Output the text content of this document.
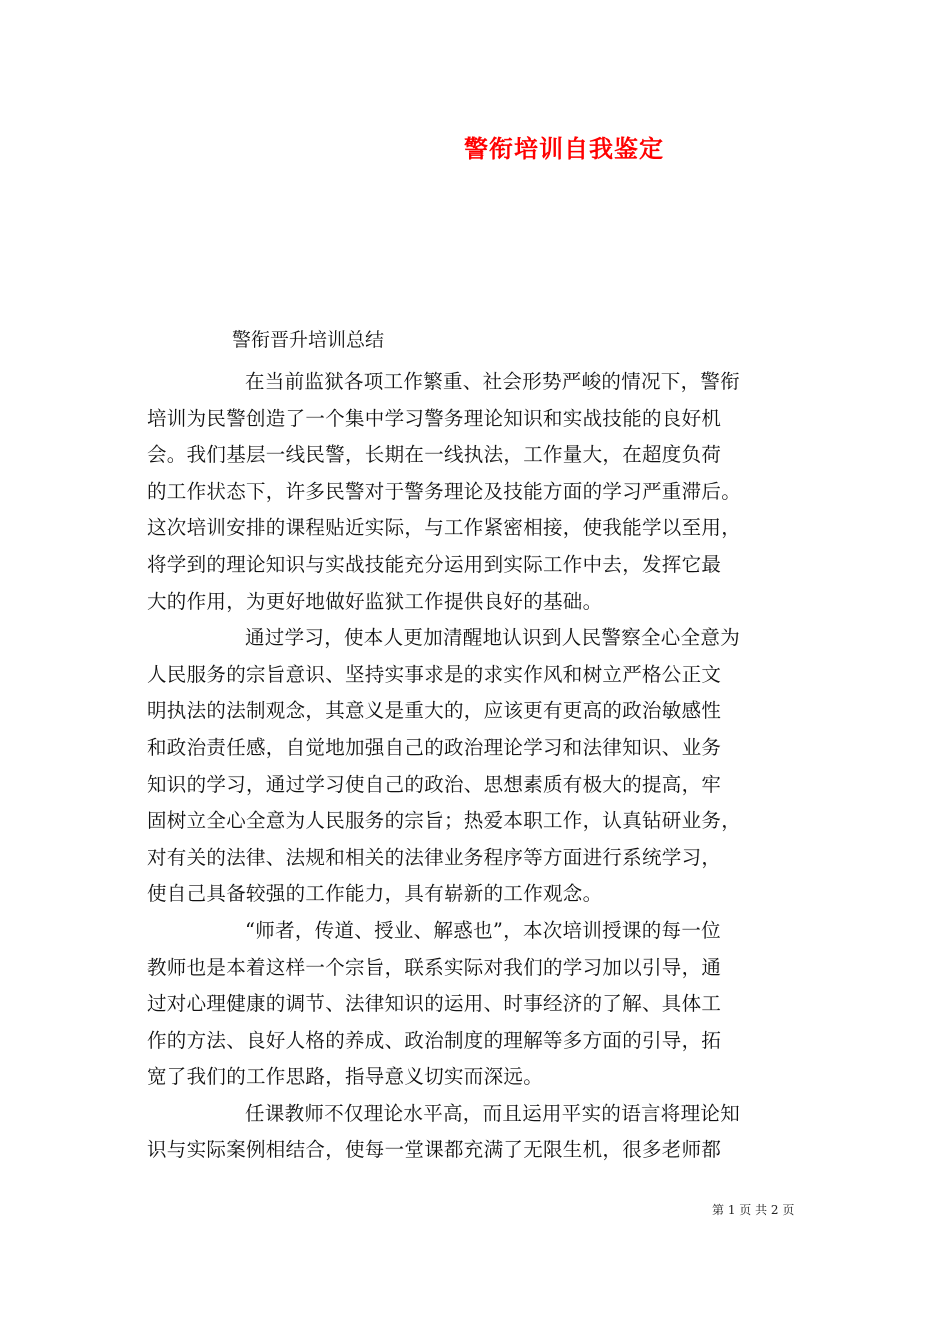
警衔培训自我鉴定
警衔晋升培训总结
在当前监狱各项工作繁重、社会形势严峻的情况下，警衔
培训为民警创造了一个集中学习警务理论知识和实战技能的良好机
会。我们基层一线民警，长期在一线执法，工作量大，在超度负荷
的工作状态下，许多民警对于警务理论及技能方面的学习严重滞后。
这次培训安排的课程贴近实际，与工作紧密相接，使我能学以至用，
将学到的理论知识与实战技能充分运用到实际工作中去，发挥它最
大的作用，为更好地做好监狱工作提供良好的基础。
通过学习，使本人更加清醒地认识到人民警察全心全意为
人民服务的宗旨意识、坚持实事求是的求实作风和树立严格公正文
明执法的法制观念，其意义是重大的，应该更有更高的政治敏感性
和政治责任感，自觉地加强自己的政治理论学习和法律知识、业务
知识的学习，通过学习使自己的政治、思想素质有极大的提高，牢
固树立全心全意为人民服务的宗旨；热爱本职工作，认真钻研业务，
对有关的法律、法规和相关的法律业务程序等方面进行系统学习，
使自己具备较强的工作能力，具有崭新的工作观念。
“师者，传道、授业、解惑也”，本次培训授课的每一位
教师也是本着这样一个宗旨，联系实际对我们的学习加以引导，通
过对心理健康的调节、法律知识的运用、时事经济的了解、具体工
作的方法、良好人格的养成、政治制度的理解等多方面的引导，拓
宽了我们的工作思路，指导意义切实而深远。
任课教师不仅理论水平高，而且运用平实的语言将理论知
识与实际案例相结合，使每一堂课都充满了无限生机，很多老师都
第 1 页 共 2 页
